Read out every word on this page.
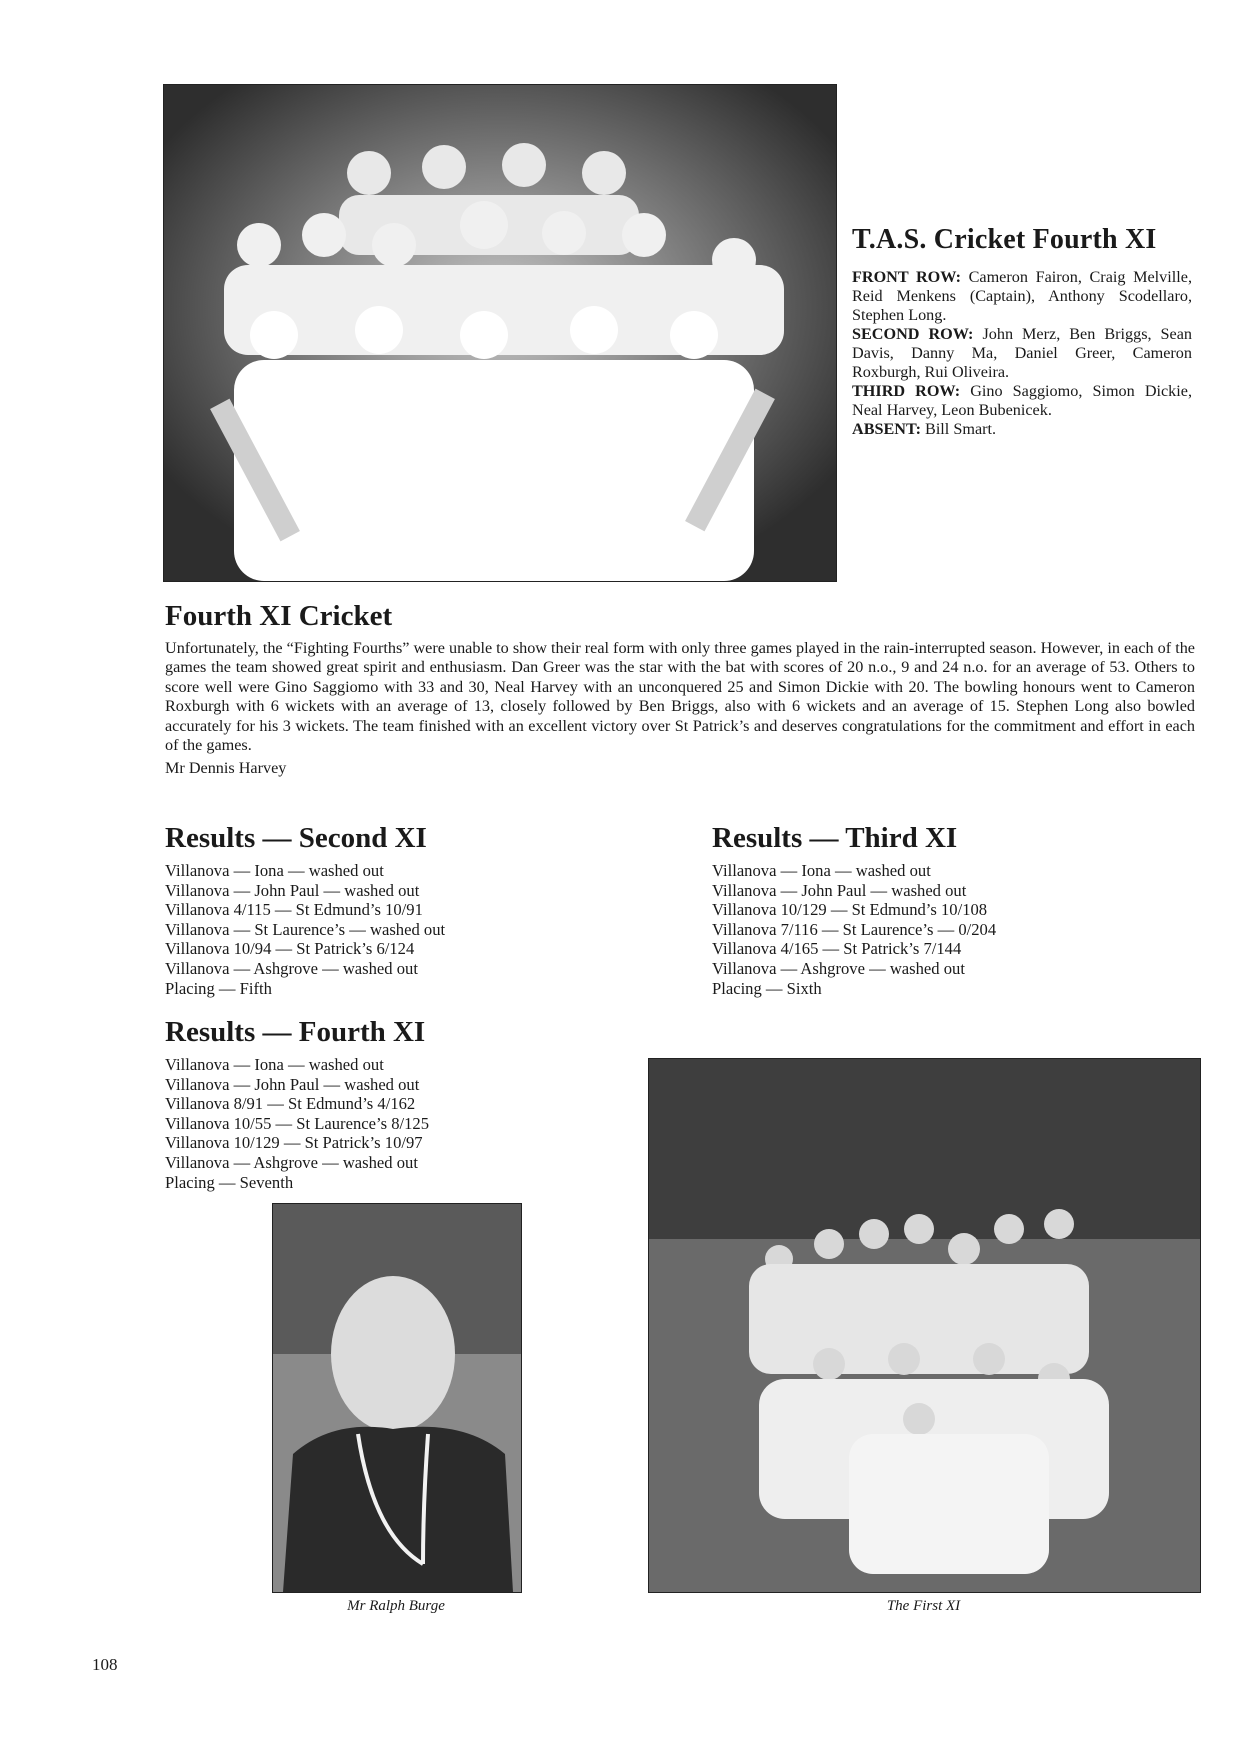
T.A.S. Cricket Fourth XI
FRONT ROW: Cameron Fairon, Craig Melville, Reid Menkens (Captain), Anthony Scodellaro, Stephen Long.
SECOND ROW: John Merz, Ben Briggs, Sean Davis, Danny Ma, Daniel Greer, Cameron Roxburgh, Rui Oliveira.
THIRD ROW: Gino Saggiomo, Simon Dickie, Neal Harvey, Leon Bubenicek.
ABSENT: Bill Smart.
Fourth XI Cricket
Unfortunately, the “Fighting Fourths” were unable to show their real form with only three games played in the rain-interrupted season. However, in each of the games the team showed great spirit and enthusiasm. Dan Greer was the star with the bat with scores of 20 n.o., 9 and 24 n.o. for an average of 53. Others to score well were Gino Saggiomo with 33 and 30, Neal Harvey with an unconquered 25 and Simon Dickie with 20. The bowling honours went to Cameron Roxburgh with 6 wickets with an average of 13, closely followed by Ben Briggs, also with 6 wickets and an average of 15. Stephen Long also bowled accurately for his 3 wickets. The team finished with an excellent victory over St Patrick’s and deserves congratulations for the commitment and effort in each of the games.
Mr Dennis Harvey
Results — Second XI
Villanova — Iona — washed out
Villanova — John Paul — washed out
Villanova 4/115 — St Edmund’s 10/91
Villanova — St Laurence’s — washed out
Villanova 10/94 — St Patrick’s 6/124
Villanova — Ashgrove — washed out
Placing — Fifth
Results — Third XI
Villanova — Iona — washed out
Villanova — John Paul — washed out
Villanova 10/129 — St Edmund’s 10/108
Villanova 7/116 — St Laurence’s — 0/204
Villanova 4/165 — St Patrick’s 7/144
Villanova — Ashgrove — washed out
Placing — Sixth
Results — Fourth XI
Villanova — Iona — washed out
Villanova — John Paul — washed out
Villanova 8/91 — St Edmund’s 4/162
Villanova 10/55 — St Laurence’s 8/125
Villanova 10/129 — St Patrick’s 10/97
Villanova — Ashgrove — washed out
Placing — Seventh
Mr Ralph Burge	The First XI
108
